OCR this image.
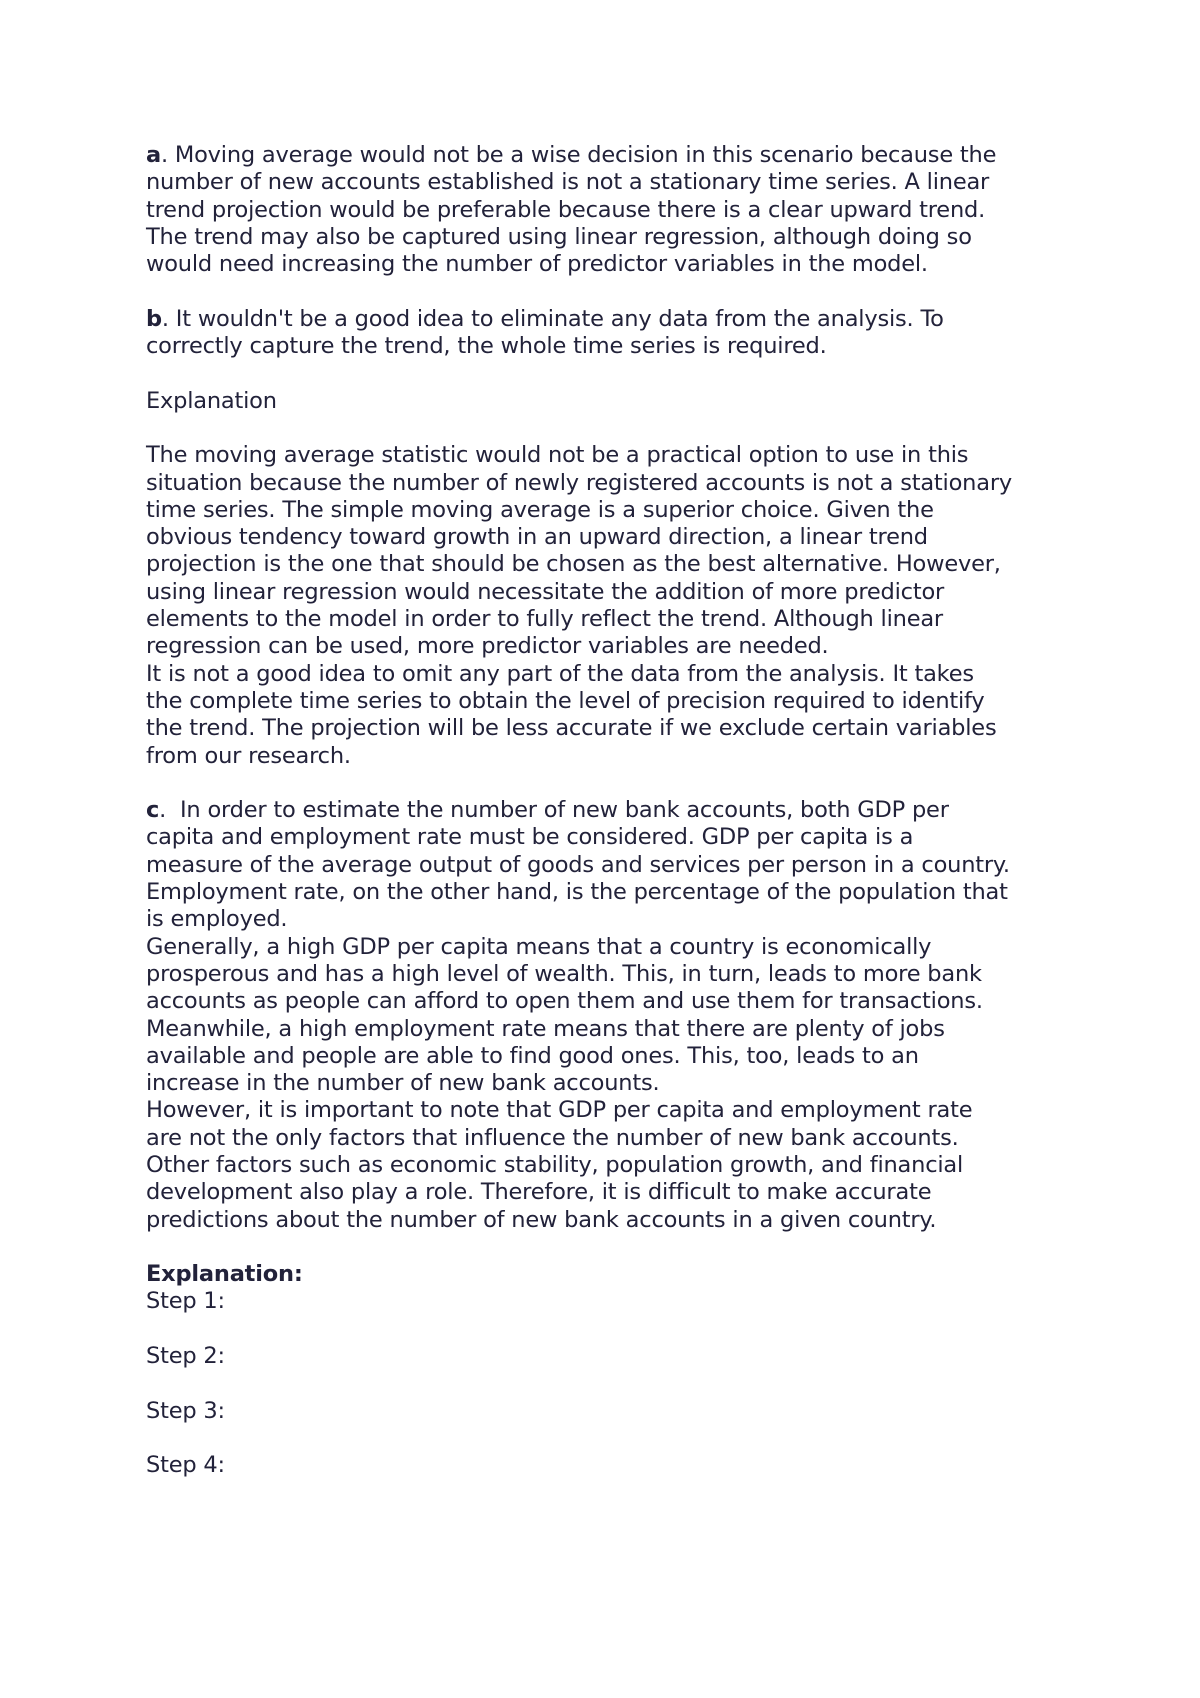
a. Moving average would not be a wise decision in this scenario because the
number of new accounts established is not a stationary time series. A linear
trend projection would be preferable because there is a clear upward trend.
The trend may also be captured using linear regression, although doing so
would need increasing the number of predictor variables in the model.
b. It wouldn't be a good idea to eliminate any data from the analysis. To
correctly capture the trend, the whole time series is required.
Explanation
The moving average statistic would not be a practical option to use in this
situation because the number of newly registered accounts is not a stationary
time series. The simple moving average is a superior choice. Given the
obvious tendency toward growth in an upward direction, a linear trend
projection is the one that should be chosen as the best alternative. However,
using linear regression would necessitate the addition of more predictor
elements to the model in order to fully reflect the trend. Although linear
regression can be used, more predictor variables are needed.
It is not a good idea to omit any part of the data from the analysis. It takes
the complete time series to obtain the level of precision required to identify
the trend. The projection will be less accurate if we exclude certain variables
from our research.
c.  In order to estimate the number of new bank accounts, both GDP per
capita and employment rate must be considered. GDP per capita is a
measure of the average output of goods and services per person in a country.
Employment rate, on the other hand, is the percentage of the population that
is employed.
Generally, a high GDP per capita means that a country is economically
prosperous and has a high level of wealth. This, in turn, leads to more bank
accounts as people can afford to open them and use them for transactions.
Meanwhile, a high employment rate means that there are plenty of jobs
available and people are able to find good ones. This, too, leads to an
increase in the number of new bank accounts.
However, it is important to note that GDP per capita and employment rate
are not the only factors that influence the number of new bank accounts.
Other factors such as economic stability, population growth, and financial
development also play a role. Therefore, it is difficult to make accurate
predictions about the number of new bank accounts in a given country.
Explanation:
Step 1:
Step 2:
Step 3:
Step 4:
